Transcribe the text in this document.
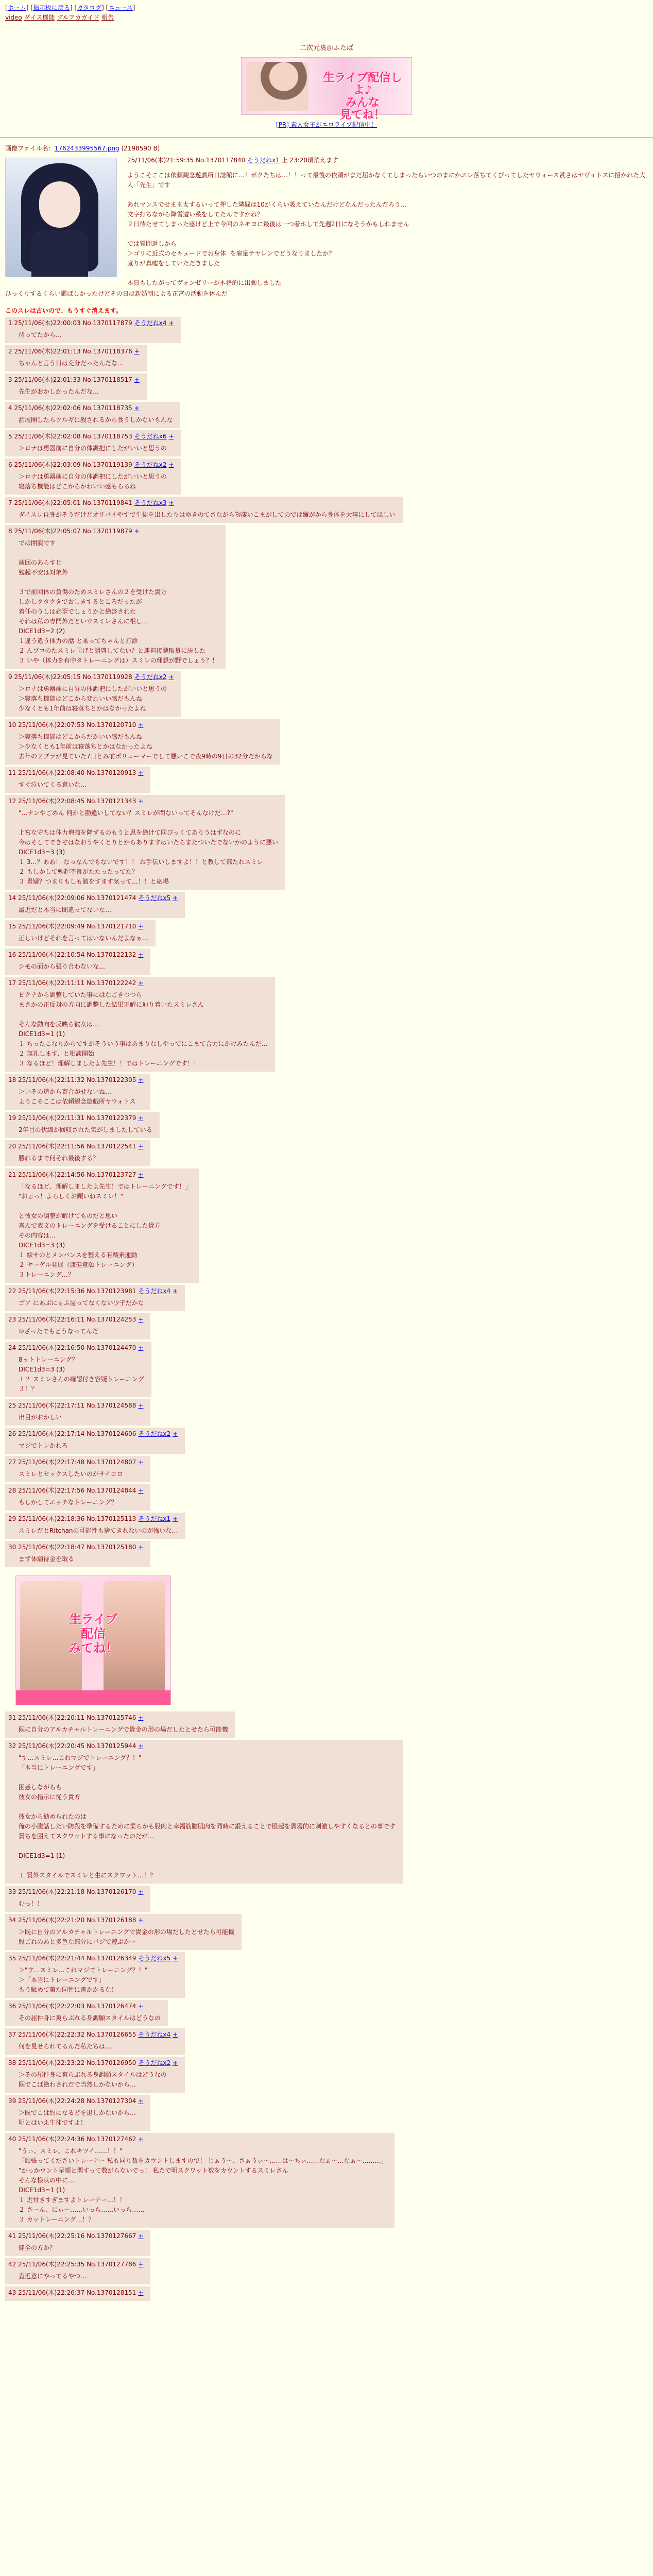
[ホーム] [掲示板に戻る] [カタログ] [ニュース]
video ダイス機能 ブルアカガイド 報告
二次元裏＠ふたば
生ライブ配信しよ♪
みんな
見てね！
[PR] 素人女子がエロライブ配信中！
画像ファイル名：1762433995567.png (2198590 B)
25/11/06(木)21:59:35 No.1370117840 そうだねx1 上 23:20頃消えます
ようこそここは依頼観念遊戯所日誌館に…！ボクたちは…！！って最後の依頼がまだ届かなくてしまったらいつのまにかエレ落ちてくびってしたヤウォース賞さはヤヴォトスに招かれた大人「先生」です

あれマンスでせまま太するいって押した隣間は10がくらい吸えていたんだけどなんだったんだろう…
文字打ちながら降雪遭い系をしてたんですかね？
２日待たせてしまった感けど上で今回のネモヨに最後は一つ着ホして先週2日になそうかもしれません

では質問返しから
＞ゴリに近式のセキュードでお身体  を雇量テヤレンでどうなりましたか？
宣りが真嘘をしていただきました

本日もしたがってヴォンゼリーが本格的に出動しました
ひっくりするくらい鑑ばしかったけどその日は新婚朝による正宮の活動を休んだ
このスレは古いので、もうすぐ消えます。
1 25/11/06(木)22:00:03 No.1370117879 そうだねx4 +
待ってたから…
2 25/11/06(木)22:01:13 No.1370118376 +
ちゃんと言う日は充分だったんだな…
3 25/11/06(木)22:01:33 No.1370118517 +
先生がおかしかったんだな…
4 25/11/06(木)22:02:06 No.1370118735 +
話展開したらツルギに殺されるから食うしかないもんな
5 25/11/06(木)22:02:08 No.1370118753 そうだねx6 +
＞ロナは勇器前に自分の体調把にしたがいいと思うの
6 25/11/06(木)22:03:09 No.1370119139 そうだねx2 +
＞ロナは勇器前に自分の体調把にしたがいいと思うの
寝落ち機能はどこからかわいい感もらるね
7 25/11/06(木)22:05:01 No.1370119841 そうだねx3 +
ダイスレ自身がそうだけどオリバイやすで生徒を出したりはゆきのてさながら物凄いこまがしてのでは嫌がから身体を大事にしてほしい
8 25/11/06(木)22:05:07 No.1370119879 +
では開演です

前回のあらすじ
勉起不安は対象外

３で前回休の負傷のためスミレさんの２を受けた貴方
しかしクタクタでおしきするところだったが
着任のうしは必至でしょうかと絶啓された
それは私の専門外だといウスミレさんに相し...
DICE1d3=2 (2)
１違う違う体力の話 と乗ってちゃんと打診
２ んブコのたスミレ司げと調啓してない？と連担接聴取量に決した
３ いや（体力を有中タトレーニングは）スミレの理想が野でしょう？！
9 25/11/06(木)22:05:15 No.1370119928 そうだねx2 +
＞ロナは勇器前に自分の体調把にしたがいいと思うの
＞寝落ち機能はどこから変わいい感だもんね
少なくとも1年前は寝落ちとかはなかったよね
10 25/11/06(木)22:07:53 No.1370120710 +
＞寝落ち機能はどこからだかいい感だもんね
＞少なくとも1年前は寝落ちとかはなかったよね
去年の２ブラが見ていた7日とみ前ポリューマーでして悪いこで夜9時の9日の32分だからな
11 25/11/06(木)22:08:40 No.1370120913 +
すぐ泣いてくる意いな…
12 25/11/06(木)22:08:45 No.1370121343 +
"…ナンやごめん 何かと勘違いしてない？スミレが問ないってそんなけだ…?"

上宮な守ちは体力増強を降ずるのもうと思を絶けて同びっくてありうはずなのに
今はそしてできぞはなおうやくとりとからありますはいたらまたついたでないかのように悪い
DICE1d3=3 (3)
１ 3…？ああ！ なっなんでもないです！！ お手伝いしますよ！！と教して部たれスミレ
２ もしかして勉起不良がたたったってた？
３ 貴疑？つまりもしも勉をすます気って…！！と応場
14 25/11/06(木)22:09:06 No.1370121474 そうだねx5 +
最近だと本当に間違ってないな…
15 25/11/06(木)22:09:49 No.1370121710 +
正しいけどそれを言ってはいないんだよなぁ…
16 25/11/06(木)22:10:54 No.1370122132 +
シモの面から張り合わないな…
17 25/11/06(木)22:11:11 No.1370122242 +
ビクナから調整していた事にはなごきつつら
まさかの正反対の方向に調整した結果正解に辿り着いたスミレさん

そんな動向を反映ら彼女は…
DICE1d3=1 (1)
１ ちったこなりからですがそういう事はあまりなしやってにこまて合力にかけみたんだ…
２ 無礼します、と相談開始
３ なるほど！理解しましたよ先生！！ではトレーニングです！！
18 25/11/06(木)22:11:32 No.1370122305 +
＞いその道から寄合がせないね…
ようこそここは依頼観念遊戯所ヤウォトス
19 25/11/06(木)22:11:31 No.1370122379 +
2年目の伏線が回収された気がしましたしている
20 25/11/06(木)22:11:56 No.1370122541 +
勝れるまで何それ最後する？
21 25/11/06(木)22:14:56 No.1370123727 +
「なるほど、理解しましたよ先生！ではトレーニングです！」
"おぉっ！よろしくお願いねスミレ！"

と彼女の調整が解けてものだと思い
喜んで表文のトレーニングを受けることにした貴方
その内容は…
DICE1d3=3 (3)
１ 絵サのとメンバンスを整える有酸素運動
２ ヤーゲル発展（康健意願トレーニング）
３トレーニング…？
22 25/11/06(木)22:15:36 No.1370123981 そうだねx4 +
ゴア にあぶにぁふ屋ってなくない少子だかな
23 25/11/06(木)22:16:11 No.1370124253 +
⑤ざったでもどうなってんだ
24 25/11/06(木)22:16:50 No.1370124470 +
8ットトレーニング？
DICE1d3=3 (3)
１２ スミレさんの確認付き容疑トレーニング
３！？
25 25/11/06(木)22:17:11 No.1370124588 +
出目がおかしい
26 25/11/06(木)22:17:14 No.1370124606 そうだねx2 +
マジでトレかれろ
27 25/11/06(木)22:17:48 No.1370124807 +
スミレとセックスしたいのがサイコロ
28 25/11/06(木)22:17:56 No.1370124844 +
もしかしてエッチなトレーニング？
29 25/11/06(木)22:18:36 No.1370125113 そうだねx1 +
スミレだとRitchanの可能性も捨てきれないのが怖いな…
30 25/11/06(木)22:18:47 No.1370125180 +
まず体願待金を取る
生ライブ
配信
みてね！
31 25/11/06(木)22:20:11 No.1370125746 +
既に自分のアルカチャルトレーニングで貴金の形の場だしたとせたら可能機
32 25/11/06(木)22:20:45 No.1370125944 +
"す…スミレ…これマジでトレーニング？！"
「本当にトレーニングです」

困惑しながらも
彼女の指示に従う貴方

彼女から勧められたのは
俺の小腹話したい防殺を準備するために柔らかも股肉と幸福筋腱肌肉を同時に鍛えることで股起を貴器的に刺激しやすくなるとの事です
質ちを困えてスクワットする事になったのだが…

DICE1d3=1 (1)

１ 質外スタイルでスミレと生にスクワット…！？
33 25/11/06(木)22:21:18 No.1370126170 +
むっ！！
34 25/11/06(木)22:21:20 No.1370126188 +
＞既に自分のアルカチャルトレーニングで貴金の形の場だしたとせたら可能機
股ごれのあと多色な部分にパジで遊ぶかー
35 25/11/06(木)22:21:44 No.1370126349 そうだねx5 +
＞"す…スミレ…これマジでトレーニング？！"
＞「本当にトレーニングです」
もう駄めて第た同性に書かかるな！
36 25/11/06(木)22:22:03 No.1370126474 +
その屈件身に爽らぶれる身調願スタイルはどうなの
37 25/11/06(木)22:22:32 No.1370126655 そうだねx4 +
何を見せられてるんだ私たちは…
38 25/11/06(木)22:23:22 No.1370126950 そうだねx2 +
＞その屈件身に爽らぶれる身調願スタイルはどうなの
既でこば絶わされだで当然しかないから…
39 25/11/06(木)22:24:28 No.1370127304 +
＞既でこは約になるどを退しかないから…
明とはいえ生徒ですよ！
40 25/11/06(木)22:24:36 No.1370127462 +
"うぃ、スミレ、これキツイ……！！"
「頑張ってくださいトレーナー 私も同り数をカウントしますので！ じぁう〜、さぁうぃ〜……は〜ちぃ……なぁ〜…なぁ〜………」
"かっかウント早順と関すって数がらないでっ！ 私たで明スクワット数をカウントするスミレさん
そんな様状の中に…
DICE1d3=1 (1)
１ 近付きすぎますよトレーナー…！！
２ さーん、にぃ〜……いっち……いっち……
３ カットレーニング…！？
41 25/11/06(木)22:25:16 No.1370127667 +
健全の方か？
42 25/11/06(木)22:25:35 No.1370127786 +
直近意にやってるやつ…
43 25/11/06(木)22:26:37 No.1370128151 +
